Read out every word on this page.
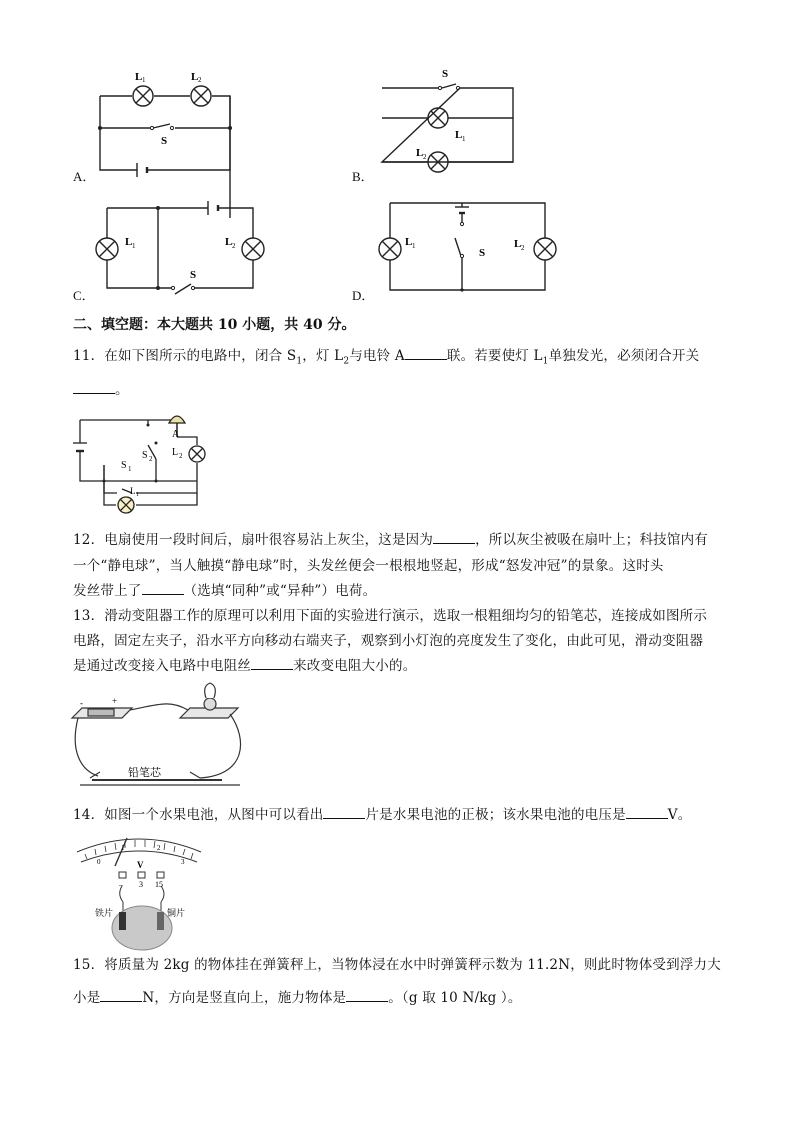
L 1	L 2
S
A．
S
L 1
L 2
B．
L 1	L 2
S
C．
L 1
S
L 2
D．
二、填空题：本大题共 10 小题，共 40 分。
11．在如下图所示的电路中，闭合 $S_1$，灯 $L_2$与电铃 A	联。若要使灯 $L_1$单独发光，必须闭合开关
。
A
S 1
S 2
L 2
L 1
12．电扇使用一段时间后，扇叶很容易沾上灰尘，这是因为	，所以灰尘被吸在扇叶上；科技馆内有
一个“静电球”，当人触摸“静电球”时，头发丝便会一根根地竖起，形成“怒发冲冠”的景象。这时头
发丝带上了	（选填“同种”或“异种”）电荷。
13．滑动变阻器工作的原理可以利用下面的实验进行演示，选取一根粗细均匀的铅笔芯，连接成如图所示
电路，固定左夹子，沿水平方向移动右端夹子，观察到小灯泡的亮度发生了变化，由此可见，滑动变阻器
是通过改变接入电路中电阻丝	来改变电阻大小的。
-	+
铅笔芯
14．如图一个水果电池，从图中可以看出	片是水果电池的正极；该水果电池的电压是	V。
0
1	2
3
V
– 3 15
铁片	铜片
15．将质量为 2kg 的物体挂在弹簧秤上，当物体浸在水中时弹簧秤示数为 11.2N，则此时物体受到浮力大
小是	N，方向是竖直向上，施力物体是	。（g 取 10 N/kg ）。
